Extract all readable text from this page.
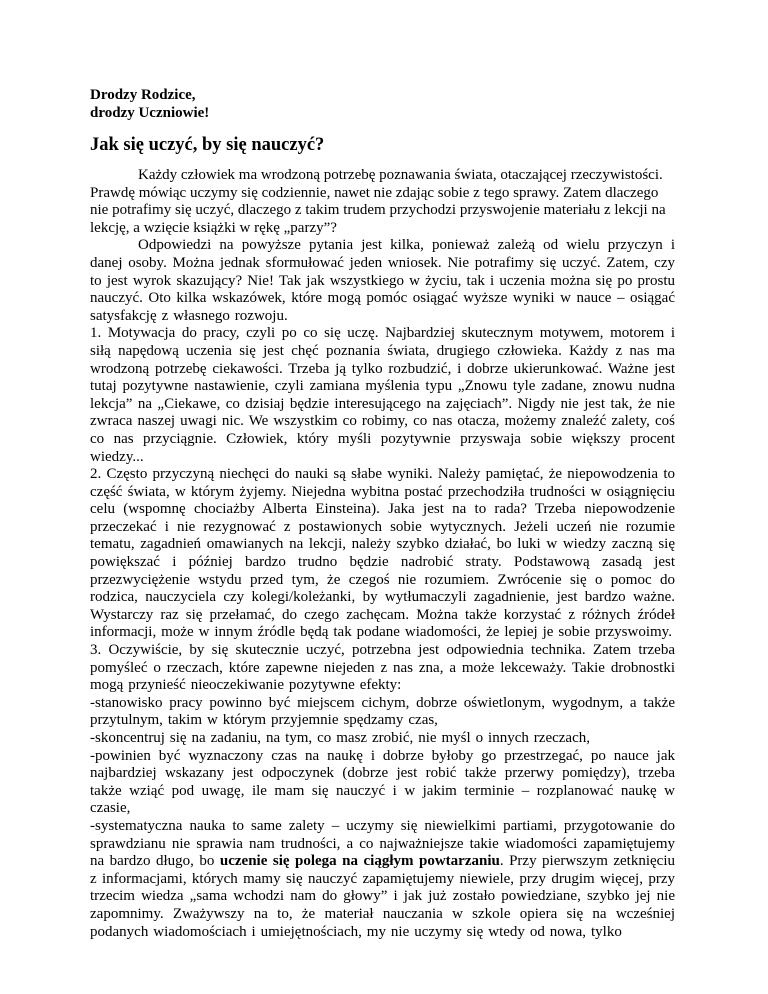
Drodzy Rodzice,
drodzy Uczniowie!
Jak się uczyć, by się nauczyć?

Każdy człowiek ma wrodzoną potrzebę poznawania świata, otaczającej rzeczywistości. Prawdę mówiąc uczymy się codziennie, nawet nie zdając sobie z tego sprawy. Zatem dlaczego nie potrafimy się uczyć, dlaczego z takim trudem przychodzi przyswojenie materiału z lekcji na lekcję, a wzięcie książki w rękę „parzy”?

Odpowiedzi na powyższe pytania jest kilka, ponieważ zależą od wielu przyczyn i danej osoby. Można jednak sformułować jeden wniosek. Nie potrafimy się uczyć. Zatem, czy to jest wyrok skazujący? Nie! Tak jak wszystkiego w życiu, tak i uczenia można się po prostu nauczyć. Oto kilka wskazówek, które mogą pomóc osiągać wyższe wyniki w nauce – osiągać satysfakcję z własnego rozwoju.

1. Motywacja do pracy, czyli po co się uczę. Najbardziej skutecznym motywem, motorem i siłą napędową uczenia się jest chęć poznania świata, drugiego człowieka. Każdy z nas ma wrodzoną potrzebę ciekawości. Trzeba ją tylko rozbudzić, i dobrze ukierunkować. Ważne jest tutaj pozytywne nastawienie, czyli zamiana myślenia typu „Znowu tyle zadane, znowu nudna lekcja” na „Ciekawe, co dzisiaj będzie interesującego na zajęciach”. Nigdy nie jest tak, że nie zwraca naszej uwagi nic. We wszystkim co robimy, co nas otacza, możemy znaleźć zalety, coś co nas przyciągnie. Człowiek, który myśli pozytywnie przyswaja sobie większy procent wiedzy...

2. Często przyczyną niechęci do nauki są słabe wyniki. Należy pamiętać, że niepowodzenia to część świata, w którym żyjemy. Niejedna wybitna postać przechodziła trudności w osiągnięciu celu (wspomnę chociażby Alberta Einsteina). Jaka jest na to rada? Trzeba niepowodzenie przeczekać i nie rezygnować z postawionych sobie wytycznych. Jeżeli uczeń nie rozumie tematu, zagadnień omawianych na lekcji, należy szybko działać, bo luki w wiedzy zaczną się powiększać i później bardzo trudno będzie nadrobić straty. Podstawową zasadą jest przezwyciężenie wstydu przed tym, że czegoś nie rozumiem. Zwrócenie się o pomoc do rodzica, nauczyciela czy kolegi/koleżanki, by wytłumaczyli zagadnienie, jest bardzo ważne. Wystarczy raz się przełamać, do czego zachęcam. Można także korzystać z różnych źródeł informacji, może w innym źródle będą tak podane wiadomości, że lepiej je sobie przyswoimy.

3. Oczywiście, by się skutecznie uczyć, potrzebna jest odpowiednia technika. Zatem trzeba pomyśleć o rzeczach, które zapewne niejeden z nas zna, a może lekceważy. Takie drobnostki mogą przynieść nieoczekiwanie pozytywne efekty:

-stanowisko pracy powinno być miejscem cichym, dobrze oświetlonym, wygodnym, a także przytulnym, takim w którym przyjemnie spędzamy czas,

-skoncentruj się na zadaniu, na tym, co masz zrobić, nie myśl o innych rzeczach,

-powinien być wyznaczony czas na naukę i dobrze byłoby go przestrzegać, po nauce jak najbardziej wskazany jest odpoczynek (dobrze jest robić także przerwy pomiędzy), trzeba także wziąć pod uwagę, ile mam się nauczyć i w jakim terminie – rozplanować naukę w czasie,

-systematyczna nauka to same zalety – uczymy się niewielkimi partiami, przygotowanie do sprawdzianu nie sprawia nam trudności, a co najważniejsze takie wiadomości zapamiętujemy na bardzo długo, bo uczenie się polega na ciągłym powtarzaniu. Przy pierwszym zetknięciu z informacjami, których mamy się nauczyć zapamiętujemy niewiele, przy drugim więcej, przy trzecim wiedza „sama wchodzi nam do głowy” i jak już zostało powiedziane, szybko jej nie zapomnimy. Zważywszy na to, że materiał nauczania w szkole opiera się na wcześniej podanych wiadomościach i umiejętnościach, my nie uczymy się wtedy od nowa, tylko
